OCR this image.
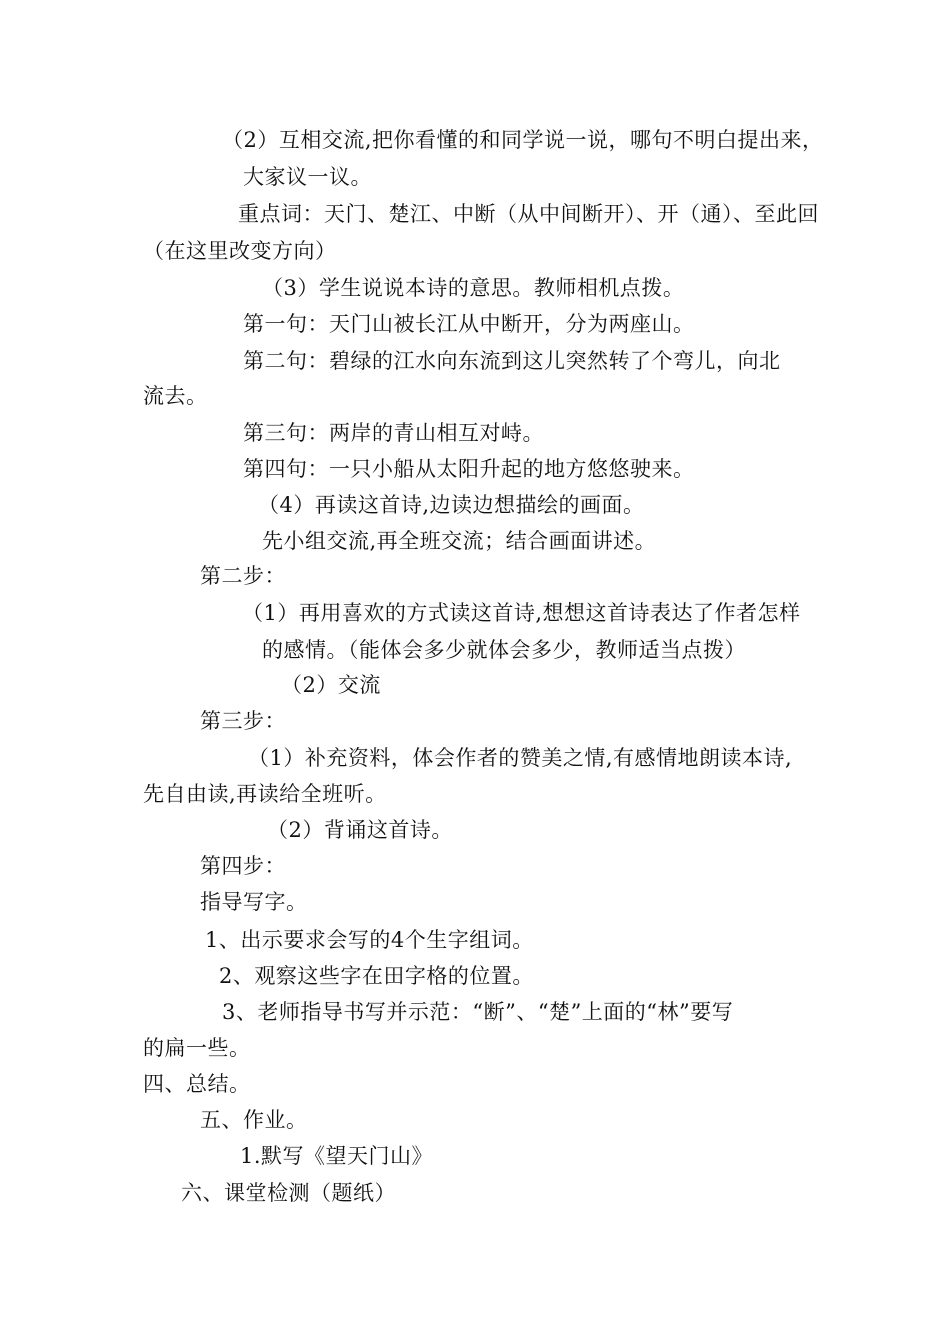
（2）互相交流,把你看懂的和同学说一说，哪句不明白提出来，
大家议一议。
重点词：天门、楚江、中断（从中间断开）、开（通）、至此回
（在这里改变方向）
（3）学生说说本诗的意思。教师相机点拨。
第一句：天门山被长江从中断开，分为两座山。
第二句：碧绿的江水向东流到这儿突然转了个弯儿，向北
流去。
第三句：两岸的青山相互对峙。
第四句：一只小船从太阳升起的地方悠悠驶来。
（4）再读这首诗,边读边想描绘的画面。
先小组交流,再全班交流；结合画面讲述。
第二步：
（1）再用喜欢的方式读这首诗,想想这首诗表达了作者怎样
的感情。（能体会多少就体会多少，教师适当点拨）
（2）交流
第三步：
（1）补充资料，体会作者的赞美之情,有感情地朗读本诗,
先自由读,再读给全班听。
（2）背诵这首诗。
第四步：
指导写字。
1、出示要求会写的4个生字组词。
2、观察这些字在田字格的位置。
3、老师指导书写并示范：“断”、“楚”上面的“林”要写
的扁一些。
四、总结。
五、作业。
1.默写《望天门山》
六、课堂检测（题纸）
